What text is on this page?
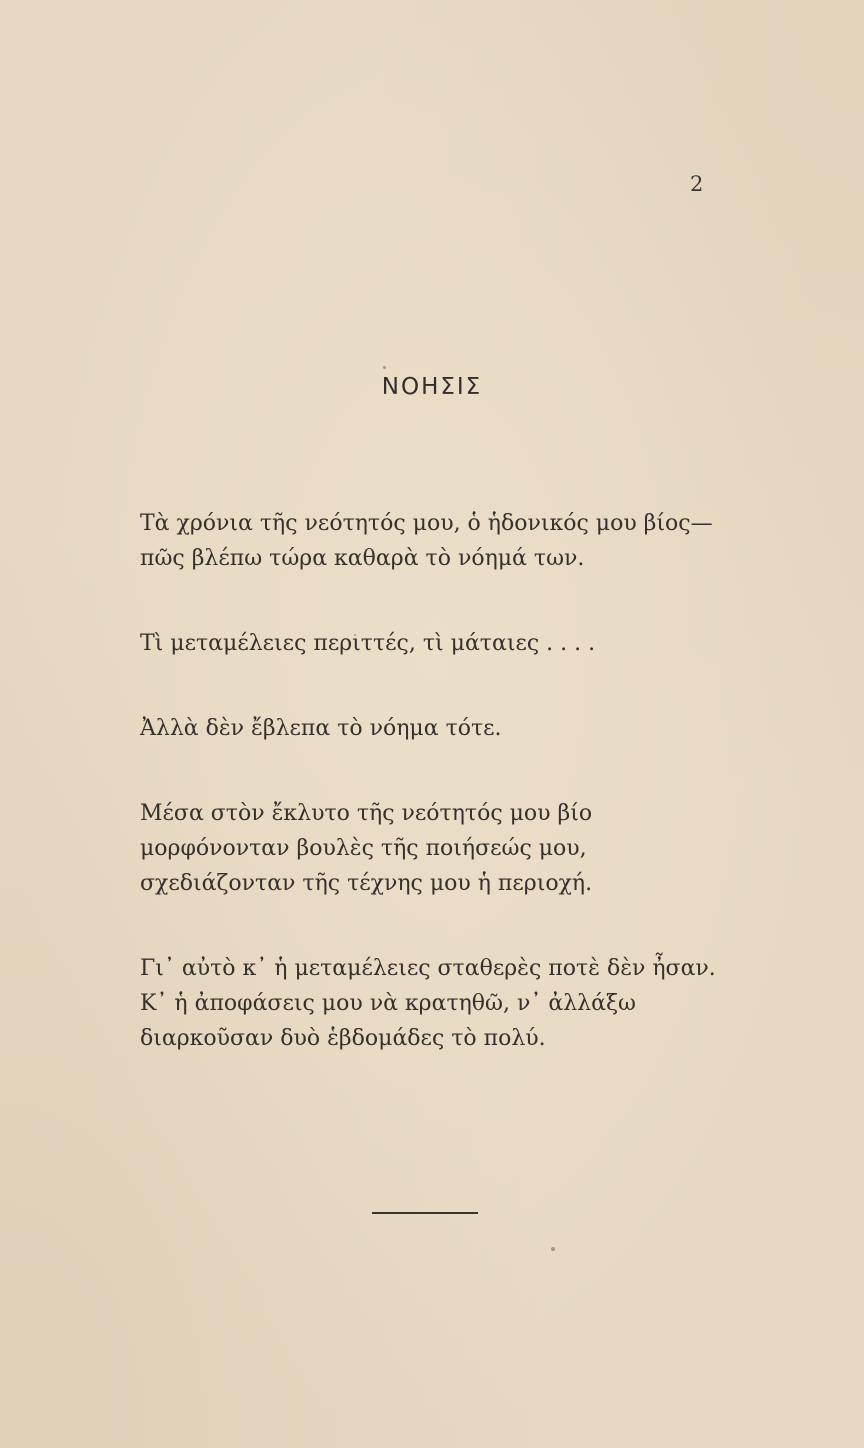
2
ΝΟΗΣΙΣ
Τὰ χρόνια τῆς νεότητός μου, ὁ ἡδονικός μου βίος—
πῶς βλέπω τώρα καθαρὰ τὸ νόημά των.
Τὶ μεταμέλειες περιττές, τὶ μάταιες . . . .
Ἀλλὰ δὲν ἔβλεπα τὸ νόημα τότε.
Μέσα στὸν ἔκλυτο τῆς νεότητός μου βίο
μορφόνονταν βουλὲς τῆς ποιήσεώς μου,
σχεδιάζονταν τῆς τέχνης μου ἡ περιοχή.
Γι᾿ αὐτὸ κ᾿ ἡ μεταμέλειες σταθερὲς ποτὲ δὲν ἦσαν.
Κ᾿ ἡ ἀποφάσεις μου νὰ κρατηθῶ, ν᾿ ἀλλάξω
διαρκοῦσαν δυὸ ἑβδομάδες τὸ πολύ.
